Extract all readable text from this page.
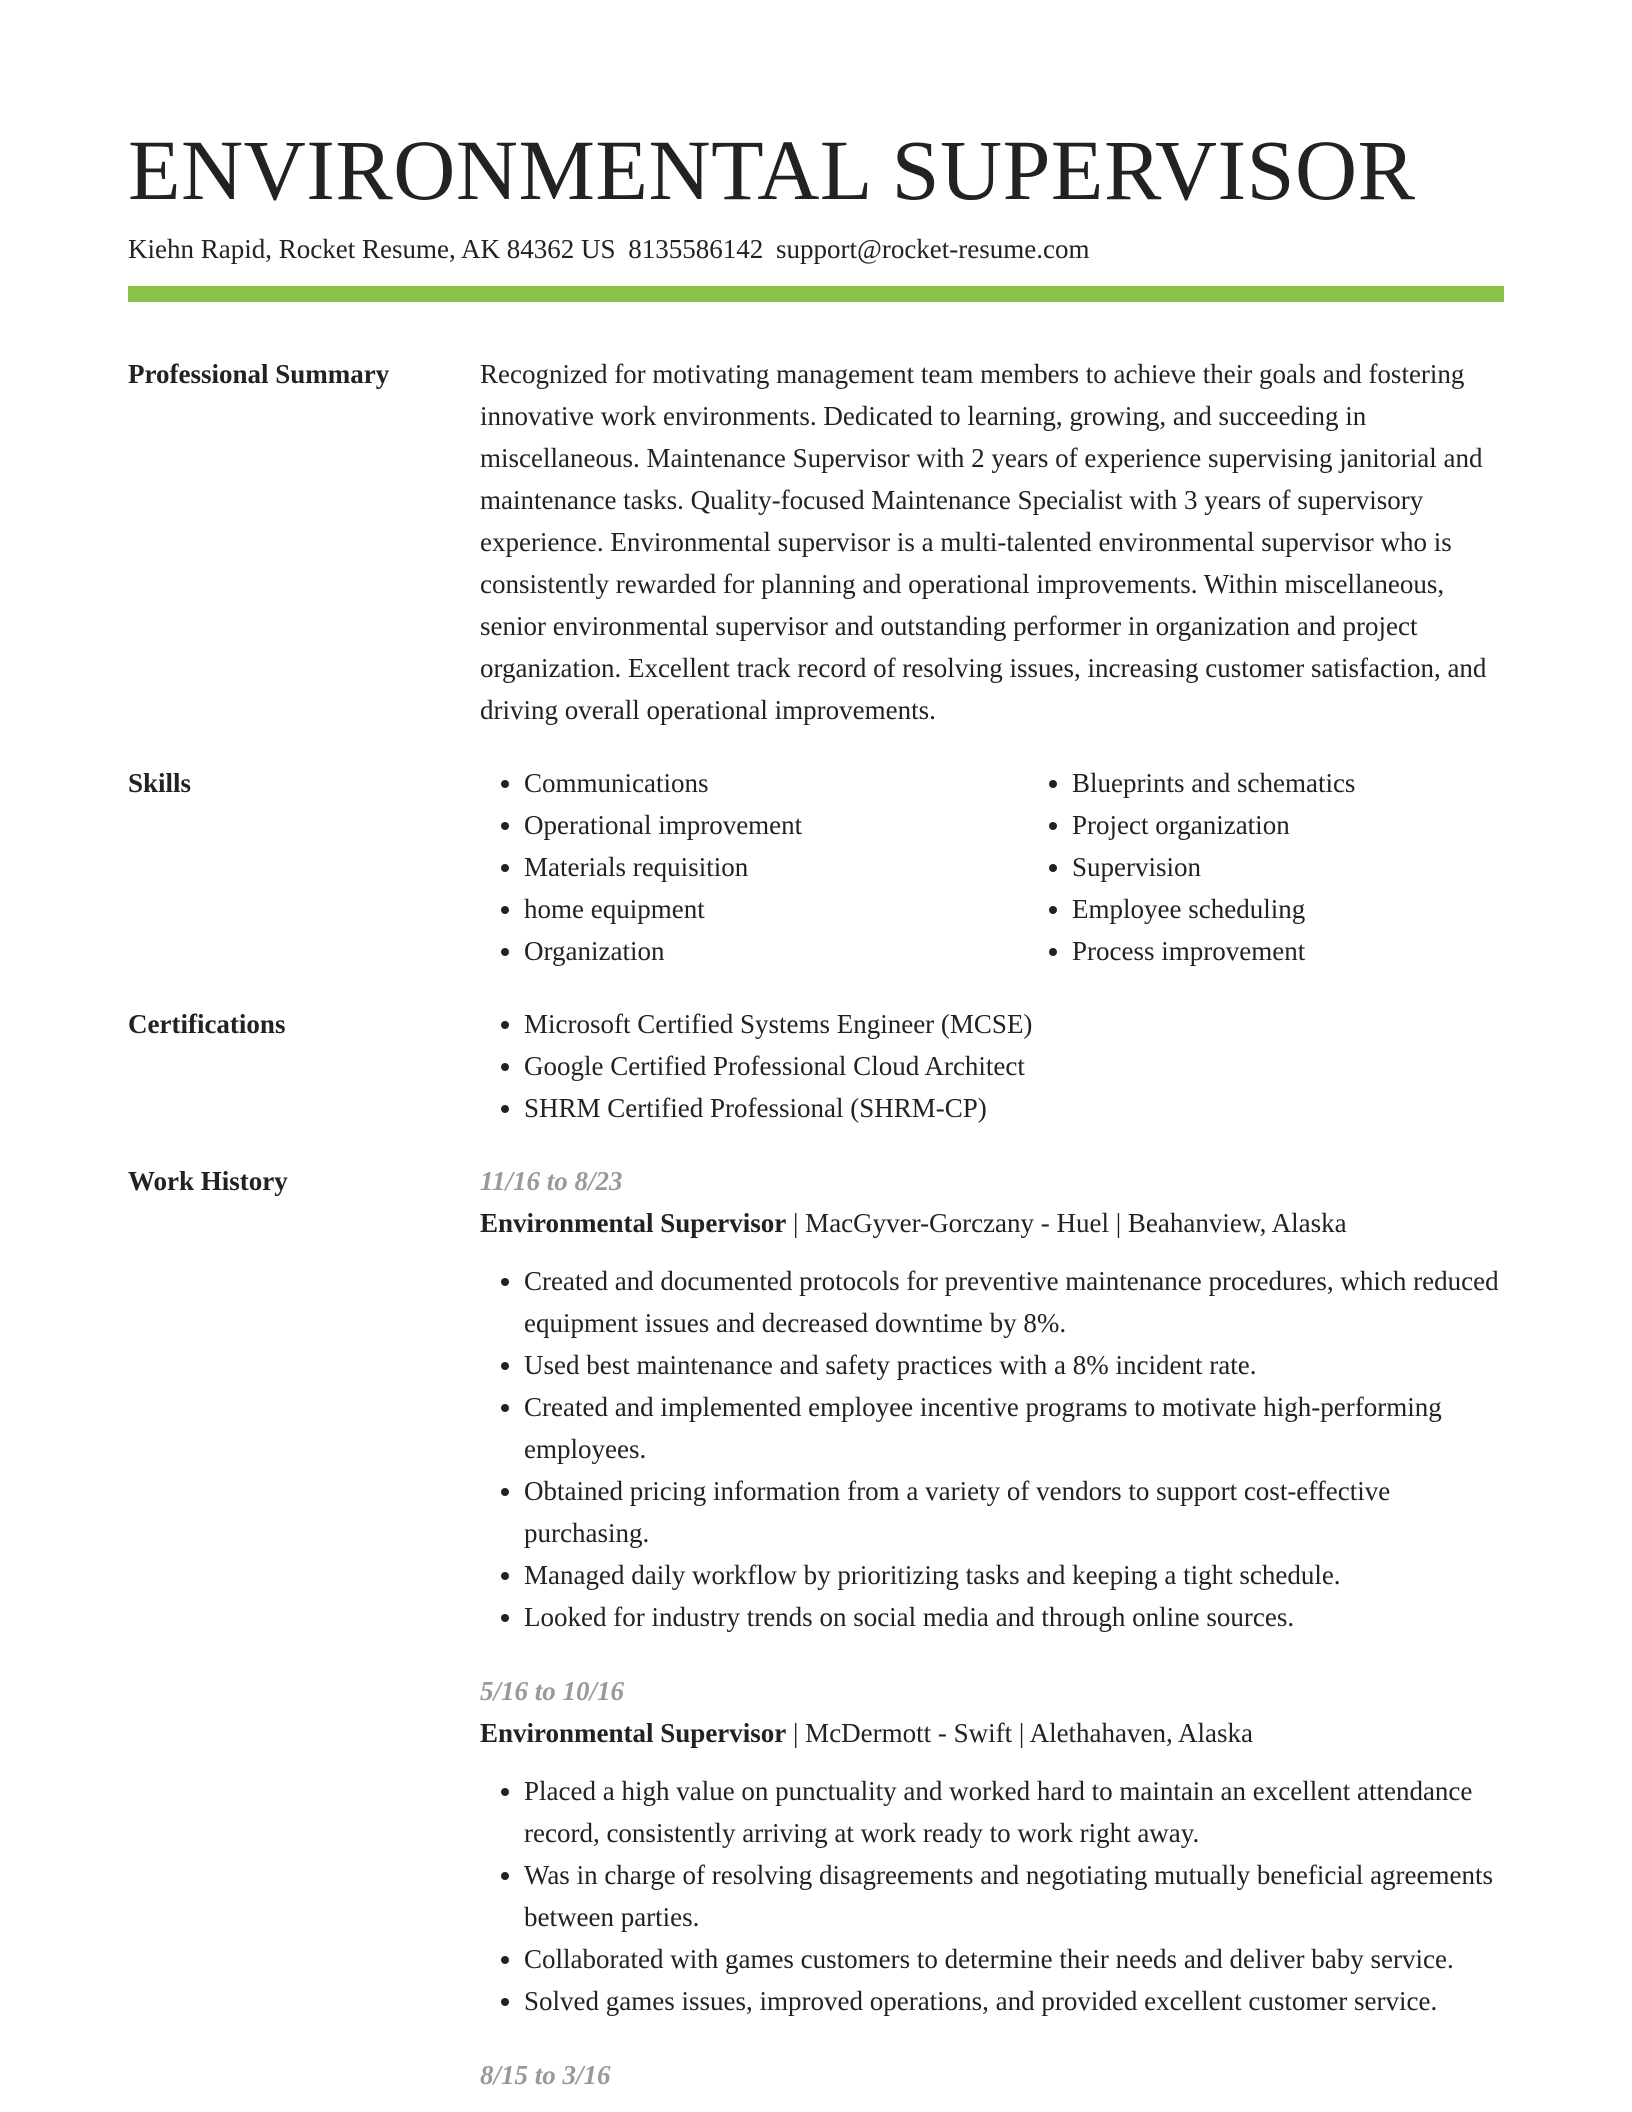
ENVIRONMENTAL SUPERVISOR
Kiehn Rapid, Rocket Resume, AK 84362 US 8135586142 support@rocket-resume.com
Professional Summary	Recognized for motivating management team members to achieve their goals and fostering innovative work environments. Dedicated to learning, growing, and succeeding in miscellaneous. Maintenance Supervisor with 2 years of experience supervising janitorial and maintenance tasks. Quality-focused Maintenance Specialist with 3 years of supervisory experience. Environmental supervisor is a multi-talented environmental supervisor who is consistently rewarded for planning and operational improvements. Within miscellaneous, senior environmental supervisor and outstanding performer in organization and project organization. Excellent track record of resolving issues, increasing customer satisfaction, and driving overall operational improvements.

Skills	• Communications
• Operational improvement
• Materials requisition
• home equipment
• Organization
• Blueprints and schematics
• Project organization
• Supervision
• Employee scheduling
• Process improvement
Certifications	• Microsoft Certified Systems Engineer (MCSE)
• Google Certified Professional Cloud Architect
• SHRM Certified Professional (SHRM-CP)
Work History	11/16 to 8/23
Environmental Supervisor | MacGyver-Gorczany - Huel | Beahanview, Alaska
• Created and documented protocols for preventive maintenance procedures, which reduced equipment issues and decreased downtime by 8%.
• Used best maintenance and safety practices with a 8% incident rate.
• Created and implemented employee incentive programs to motivate high-performing employees.
• Obtained pricing information from a variety of vendors to support cost-effective purchasing.
• Managed daily workflow by prioritizing tasks and keeping a tight schedule.
• Looked for industry trends on social media and through online sources.
5/16 to 10/16
Environmental Supervisor | McDermott - Swift | Alethahaven, Alaska
• Placed a high value on punctuality and worked hard to maintain an excellent attendance record, consistently arriving at work ready to work right away.
• Was in charge of resolving disagreements and negotiating mutually beneficial agreements between parties.
• Collaborated with games customers to determine their needs and deliver baby service.
• Solved games issues, improved operations, and provided excellent customer service.
8/15 to 3/16
